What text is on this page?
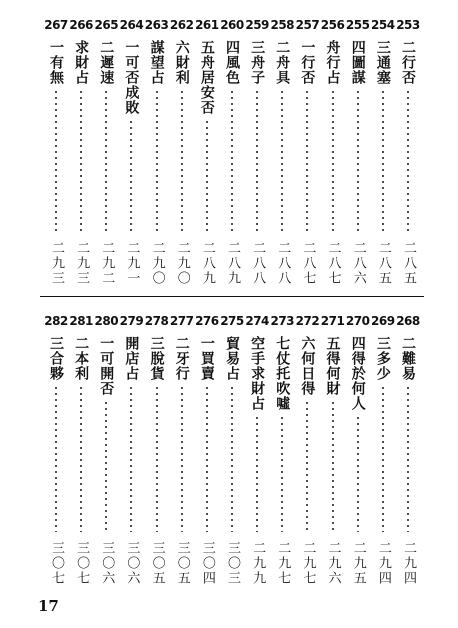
253
二行否
二八五
254
三通塞
二八五
255
四圖謀
二八六
256
舟行占
二八七
257
一行否
二八七
258
二舟具
二八八
259
三舟子
二八八
260
四風色
二八九
261
五舟居安否
二八九
262
六財利
二九〇
263
謀望占
二九〇
264
一可否成敗
二九一
265
二遲速
二九二
266
求財占
二九三
267
一有無
二九三
268
二難易
二九四
269
三多少
二九四
270
四得於何人
二九五
271
五得何財
二九六
272
六何日得
二九七
273
七仗托吹噓
二九七
274
空手求財占
二九九
275
貿易占
三〇三
276
一買賣
三〇四
277
二牙行
三〇五
278
三脫貨
三〇五
279
開店占
三〇六
280
一可開否
三〇六
281
二本利
三〇七
282
三合夥
三〇七
17
